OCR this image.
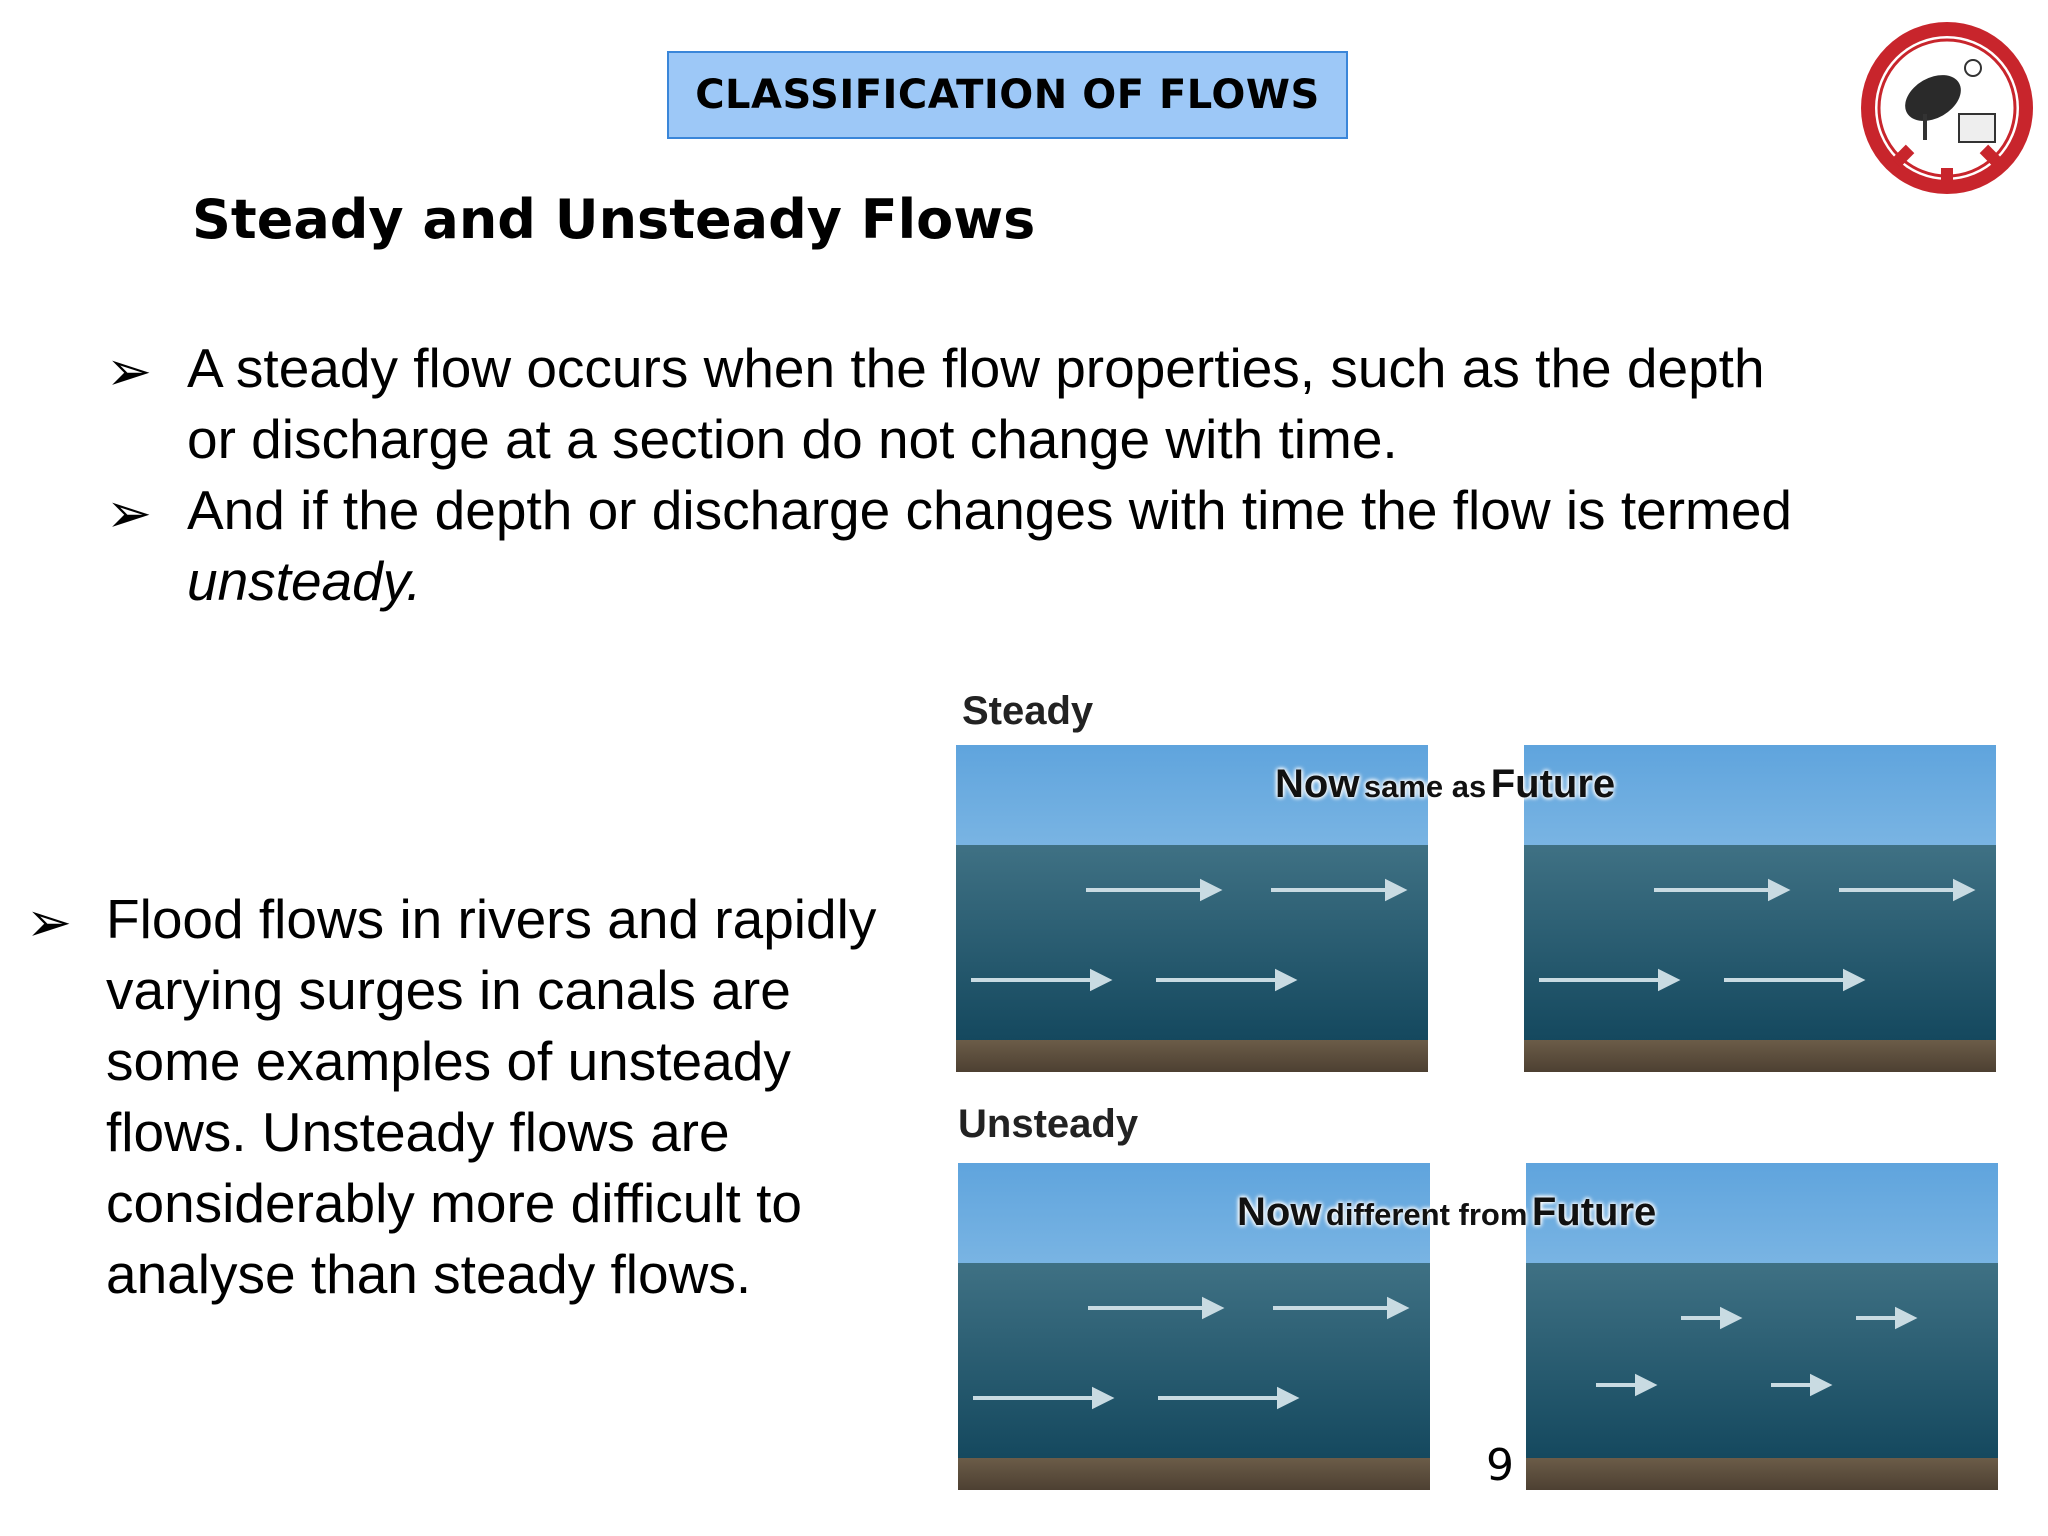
CLASSIFICATION OF FLOWS
Steady and Unsteady Flows
➢ A steady flow occurs when the flow properties, such as the depth
or discharge at a section do not change with time.
➢ And if the depth or discharge changes with time the flow is termed
unsteady.
➢ Flood flows in rivers and rapidly
varying surges in canals are
some examples of unsteady
flows. Unsteady flows are
considerably more difficult to
analyse than steady flows.
Steady
Now same as Future
Unsteady
Now different from Future
9
